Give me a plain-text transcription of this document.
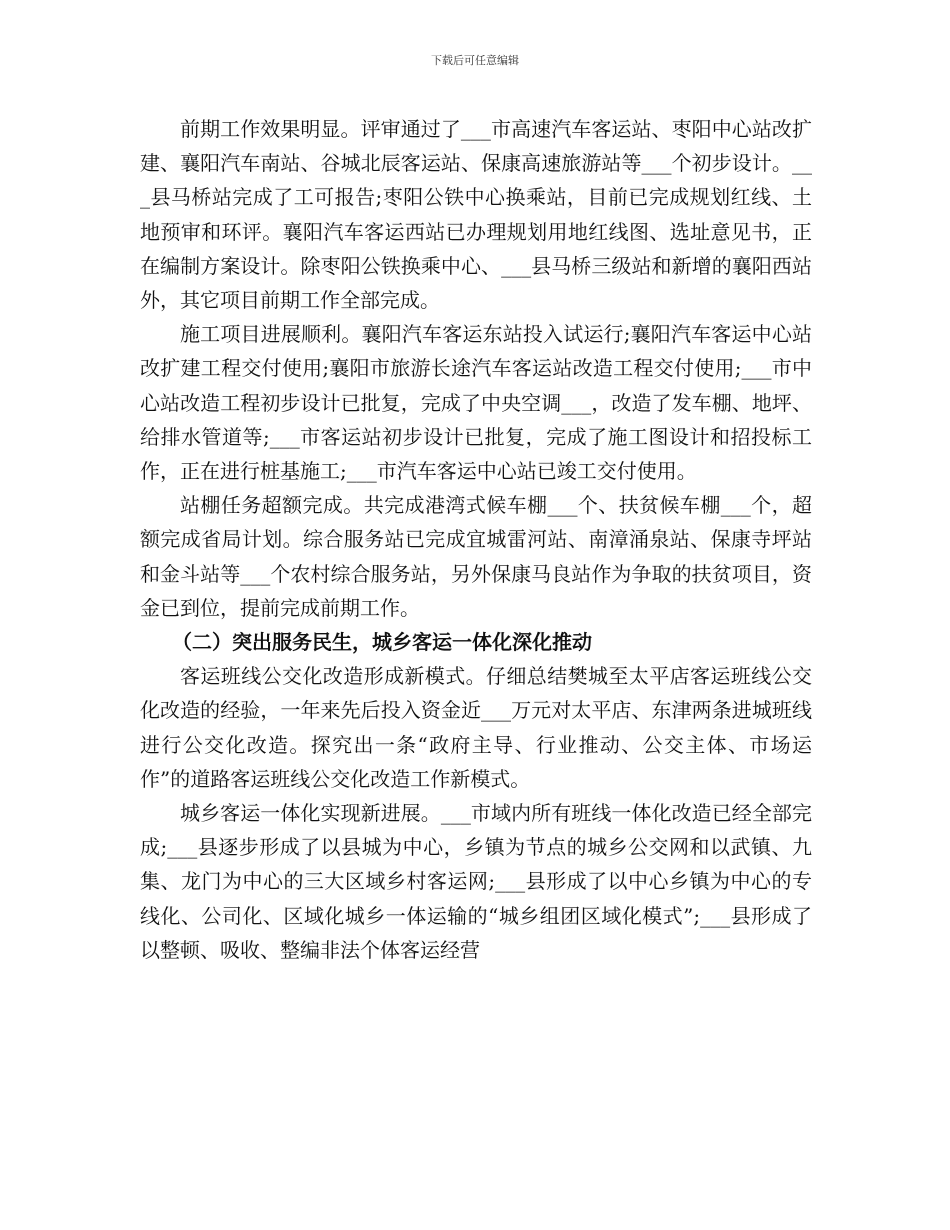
下载后可任意编辑

前期工作效果明显。评审通过了___市高速汽车客运站、枣阳中心站改扩建、襄阳汽车南站、谷城北辰客运站、保康高速旅游站等___个初步设计。___县马桥站完成了工可报告;枣阳公铁中心换乘站，目前已完成规划红线、土地预审和环评。襄阳汽车客运西站已办理规划用地红线图、选址意见书，正在编制方案设计。除枣阳公铁换乘中心、___县马桥三级站和新增的襄阳西站外，其它项目前期工作全部完成。

施工项目进展顺利。襄阳汽车客运东站投入试运行;襄阳汽车客运中心站改扩建工程交付使用;襄阳市旅游长途汽车客运站改造工程交付使用;___市中心站改造工程初步设计已批复，完成了中央空调___，改造了发车棚、地坪、给排水管道等;___市客运站初步设计已批复，完成了施工图设计和招投标工作，正在进行桩基施工;___市汽车客运中心站已竣工交付使用。

站棚任务超额完成。共完成港湾式候车棚___个、扶贫候车棚___个，超额完成省局计划。综合服务站已完成宜城雷河站、南漳涌泉站、保康寺坪站和金斗站等___个农村综合服务站，另外保康马良站作为争取的扶贫项目，资金已到位，提前完成前期工作。

（二）突出服务民生，城乡客运一体化深化推动

客运班线公交化改造形成新模式。仔细总结樊城至太平店客运班线公交化改造的经验，一年来先后投入资金近___万元对太平店、东津两条进城班线进行公交化改造。探究出一条“政府主导、行业推动、公交主体、市场运作”的道路客运班线公交化改造工作新模式。

城乡客运一体化实现新进展。___市域内所有班线一体化改造已经全部完成;___县逐步形成了以县城为中心，乡镇为节点的城乡公交网和以武镇、九集、龙门为中心的三大区域乡村客运网;___县形成了以中心乡镇为中心的专线化、公司化、区域化城乡一体运输的“城乡组团区域化模式”;___县形成了以整顿、吸收、整编非法个体客运经营
